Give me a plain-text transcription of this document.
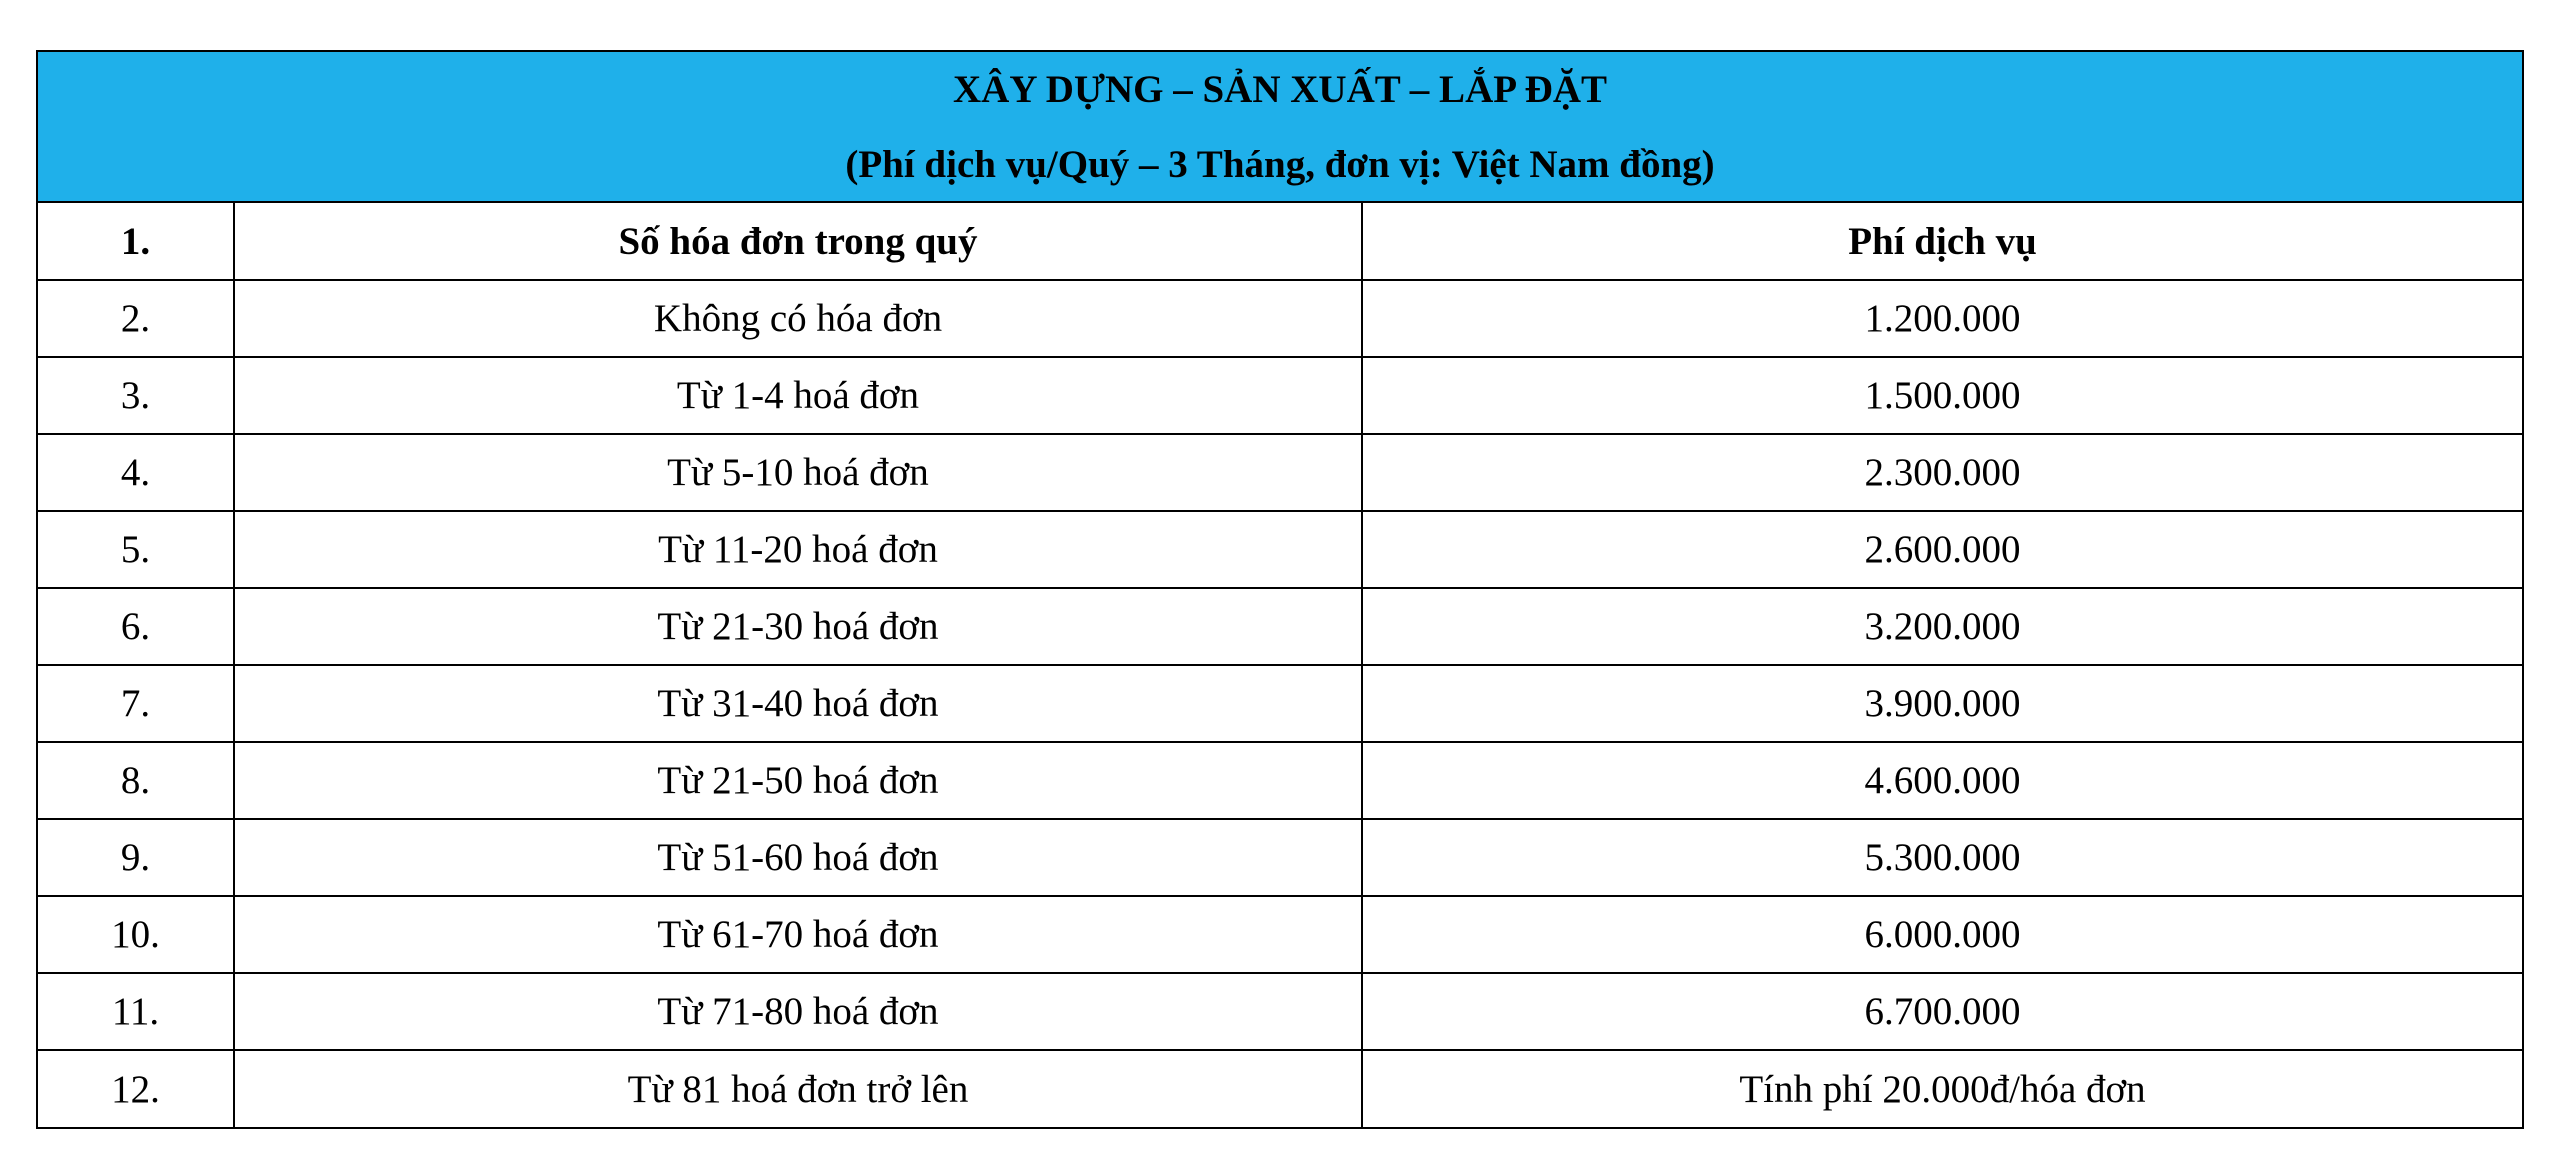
XÂY DỰNG – SẢN XUẤT – LẮP ĐẶT
(Phí dịch vụ/Quý – 3 Tháng, đơn vị: Việt Nam đồng)
1.	Số hóa đơn trong quý	Phí dịch vụ
2.	Không có hóa đơn	1.200.000
3.	Từ 1-4 hoá đơn	1.500.000
4.	Từ 5-10 hoá đơn	2.300.000
5.	Từ 11-20 hoá đơn	2.600.000
6.	Từ 21-30 hoá đơn	3.200.000
7.	Từ 31-40 hoá đơn	3.900.000
8.	Từ 21-50 hoá đơn	4.600.000
9.	Từ 51-60 hoá đơn	5.300.000
10.	Từ 61-70 hoá đơn	6.000.000
11.	Từ 71-80 hoá đơn	6.700.000
12.	Từ 81 hoá đơn trở lên	Tính phí 20.000đ/hóa đơn
